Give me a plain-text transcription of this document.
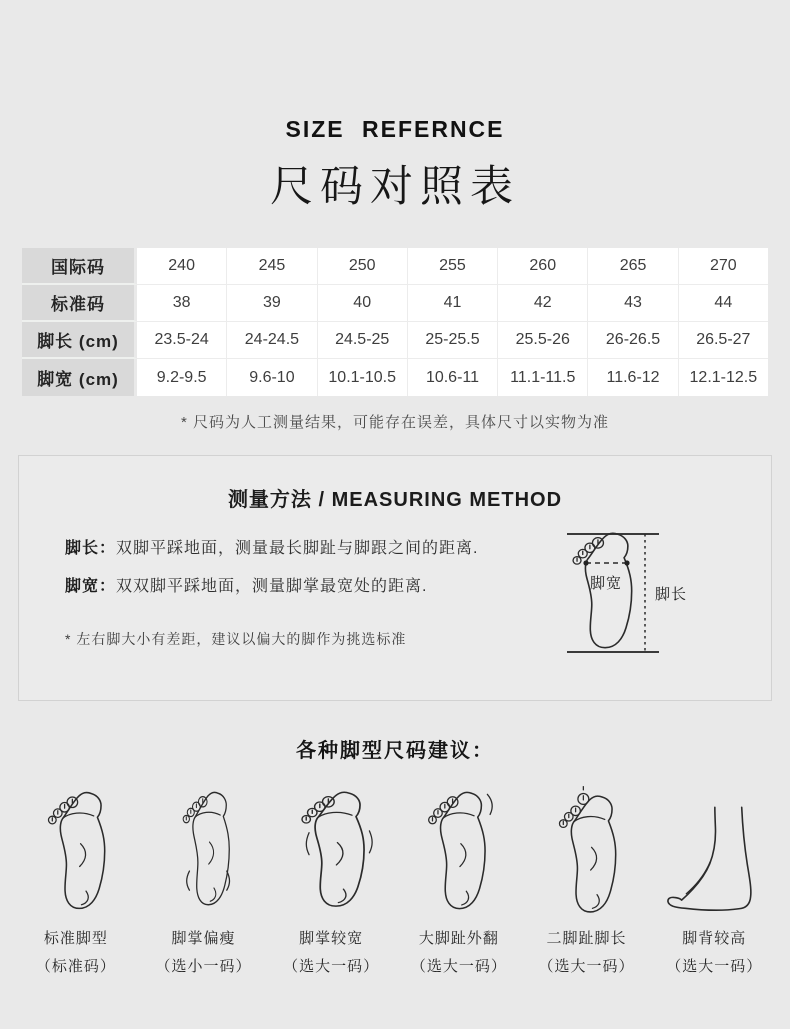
SIZE REFERNCE
尺码对照表
国际码	240	245	250	255	260	265	270
标准码	38	39	40	41	42	43	44
脚长 (cm)	23.5-24	24-24.5	24.5-25	25-25.5	25.5-26	26-26.5	26.5-27
脚宽 (cm)	9.2-9.5	9.6-10	10.1-10.5	10.6-11	11.1-11.5	11.6-12	12.1-12.5
* 尺码为人工测量结果，可能存在误差，具体尺寸以实物为准
测量方法 / MEASURING METHOD
脚长：双脚平踩地面，测量最长脚趾与脚跟之间的距离.
脚宽：双双脚平踩地面，测量脚掌最宽处的距离.
* 左右脚大小有差距，建议以偏大的脚作为挑选标准
脚宽
脚长
各种脚型尺码建议：
标准脚型
（标准码）
脚掌偏瘦
（选小一码）
脚掌较宽
（选大一码）
大脚趾外翻
（选大一码）
二脚趾脚长
（选大一码）
脚背较高
（选大一码）
